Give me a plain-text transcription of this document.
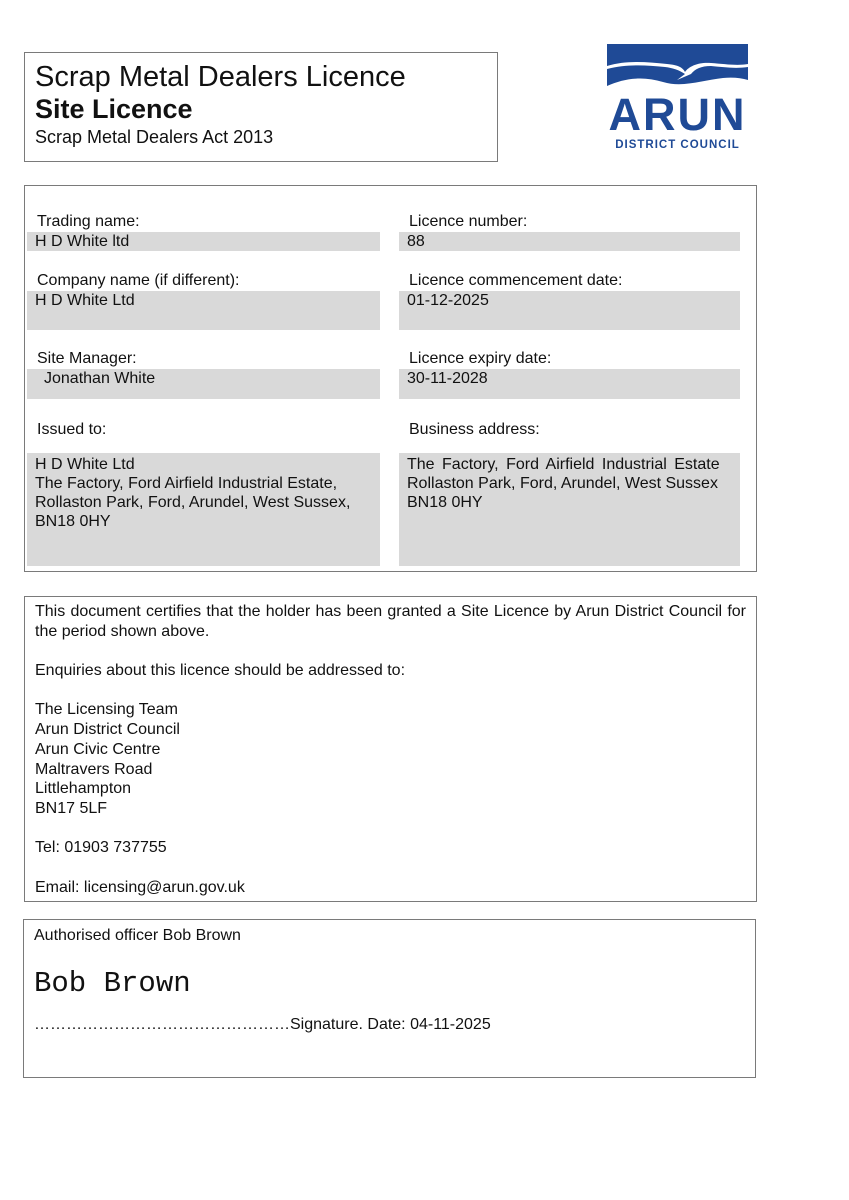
Scrap Metal Dealers Licence
Site Licence
Scrap Metal Dealers Act 2013	ARUN
DISTRICT COUNCIL
Trading name:
H D White ltd
Licence number:
88
Company name (if different):
H D White Ltd
Licence commencement date:
01-12-2025
Site Manager:
Jonathan White
Licence expiry date:
30-11-2028
Issued to:
H D White Ltd
The Factory, Ford Airfield Industrial Estate,
Rollaston Park, Ford, Arundel, West Sussex,
BN18 0HY
Business address:
The Factory, Ford Airfield Industrial Estate
Rollaston Park, Ford, Arundel, West Sussex
BN18 0HY

This document certifies that the holder has been granted a Site Licence by Arun District Council for the period shown above.

Enquiries about this licence should be addressed to:

The Licensing Team

Arun District Council

Arun Civic Centre

Maltravers Road

Littlehampton

BN17 5LF

Tel: 01903 737755

Email: licensing@arun.gov.uk

Authorised officer Bob Brown
Bob Brown
…………………………………………Signature. Date: 04-11-2025
